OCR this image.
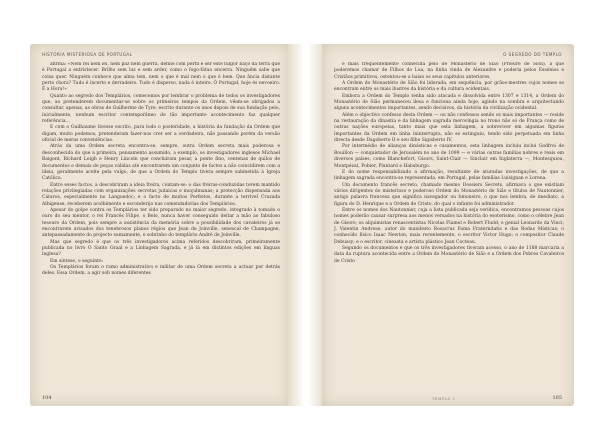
HISTÓRIA MISTERIOSA DE PORTUGAL

afirma: «Nem rei nem lei, nem paz nem guerra, define com perfil e ser este fulgor baço da terra que é Portugal a entristecer. Brilho sem luz e sem arder, como o fogo-fátuo encerra. Ninguém sabe que coisa quer. Ninguém conhece que alma tem, nem o que é mal nem o que é bem. Que ância distante perto chora? Tudo é incerto e derradeiro. Tudo é disperso, nada é inteiro. Ó Portugal, hoje és nevoeiro. É a Hora!»

Quanto ao segredo dos Templários, comecemos por lembrar o problema de todos os investigadores que, ao pretenderem documentar-se sobre os primeiros tempos da Ordem, vêem-se obrigados a consultar, apenas, as obras de Guilherme de Tyre, escrito durante os anos depois de sua fundação pelo, inicialmente, nenhum escritor contemporâneo de tão importante acontecimento faz qualquer referência...

E com o Guilhaume tivesse escrito, para todo o posteridade, a história da fundação da Ordem que digam, muito podemos, pretenderam fazer-nos crer ser a verdadeira, não passando porém da versão oficial de meras conveniências.

Atrás da uma Ordem secreta encontra-se, sempre, outra Ordem secreta mais poderosa e desconhecida do que a primeira, pensamento assumido, a exemplo, os investigadores ingleses Michael Baigent, Richard Leigh e Henry Lincoln que concluíram pesar, a ponte fino, centenas de quilos de documentos e demais de peças válidas até encontrarem um conjunto de factos a não coincidirem com a ideia, geralmente aceite pela vulgo, de que a Ordem do Templo tivera sempre submetida à Igreja Católica.

Entre esses factos, a descobriram a ideia freira, contam-se: o das freiras-conduzidas terem mantido relações privilegiadas com organizações secretas judaicas e muçulmanas; a protecção dispensada aos Cátaros, especialmente no Languedoc; e o facto de muitos Perfeitos, durante a terrível Cruzada Albigense, receberem acolhimento e esconderijo nas comendadorias dos Templários.

Apesar do golpe contra os Templários ter sido preparado no maior segredo, integrado à tomado o ouro do seu mentor, o rei Francês Filipe, o Belo, nunca haver conseguido deitar a mão ao fabuloso tesouro da Ordem, pois sempre a assistência da memória sobre a possibilidade dos cavaleiros já se encontrarem avisados dos tenebrosos planos régios que Jean de Joinville, senescal de Champagne, antepassadamente do projecto sumamente, e sobrinho do templário André de Joinville.

Mas que segredo é que os três investigadores acima referidos descobriram, primeiramente publicada no livro O Santo Graal e a Linhagem Sagrada, e já lá em distintos edições em línguas inglesa?

Em síntese, o seguinte:

Os Templários foram o ramo administrativo e militar de uma Ordem secreta a actuar por detrás deles. Essa Ordem, a agir sob nomes diferentes

104
O SEGREDO DO TEMPLO

e mais frequentemente conhecida pelo de Monastério de Sião (Prieuré de Sion), a que poderemos chamar de Filhos do Lua, na linha vinda de Alexandre e poderia pelos Essénios e Cristãos primitivos, ostentou-se a baixo os seus capítulos anteriores.

A Ordem do Monastério de Sião foi liderada, em sequência, por grãos-mestres cujos nomes se encontram entre os mais ilustres da história e da cultura ocidentais.

Embora a Ordem do Templo tenha sido atacada e dissolvida entre 1307 e 1314, a Ordem do Monastério de Sião permaneceu ilesa e funciona ainda hoje, agindo na sombra e arquitectando alguns acontecimentos importantes, sendo decisivos, da história da civilização ocidental.

Além o objectivo confesso desta Ordem — ou não confessos sendo os mais importantes — reside na restauração da dinastia e da linhagem sagrada merovíngia no trono não só de França como de outras nações europeias, tanto mais que esta linhagem, a sobreviver em algumas figuras importantes da Ordem em linha ininterrupta, não se extinguiu, tendo sido perpetuada em linha directa desde Dagoberto II e seu filho Sigisberto IV.

Por intermédio de alianças dinásticas e casamentos, esta linhagem incluiu inclui Godfroi de Bouillon — conquistador de Jerusalém no ano de 1099 — e várias outras famílias nobres e reais em diversos países, como Blanchefort, Gisors, Saint-Clair — Sinclair em Inglaterra —, Montesquiou, Montpézat, Pobier, Plantard e Habsburgo.

E do nome responsabilizado a afirmação, resultante de aturadas investigações, de que a linhagem sagrada encontra-se representada, em Portugal, pelas famílias Luísignan e Lorena.

Um documento francês secreto, chamado mesmo Dossiers Secrets, afirmava o que existiam vários dirigentes do misterioso e poderoso Ordem do Monastério de Sião e títulos de Nautonnier, antigo palavra francesa que significa navegador ou timoneiro, o que nos lembra, de imediato, a figura do D. Henrique e a Ordem de Cristo, do qual o infante foi administrador.

Entre os nomes dos Nautonnier, cuja a lista publicada seja verídica, encontramos pessoas cujos nomes poderão causar surpresa aos menos versados na história do esoterismo, como o célebre Jean de Gisors; os alquimistas renascentistas Nicolas Flamel e Robert Fludd; o genial Leonardo da Vinci; J. Valentin Andreae, autor do manifesto Rosacruz Fama Fraternitatis e das Bodas Místicas; o conhecido físico Isaac Newton; mais recentemente, o escritor Victor Hugo; o compositor Claude Debussy; e o escritor, cineasta e artista plástico Jean Cocteau.

Segundo os documentos e que os três investigadores tiveram acesso, o ano de 1188 marcaria a data da ruptura acontecida entre a Ordem do Monastério de Sião e a Ordem dos Pobres Cavaleiros de Cristo

TEMPLO 2	105
